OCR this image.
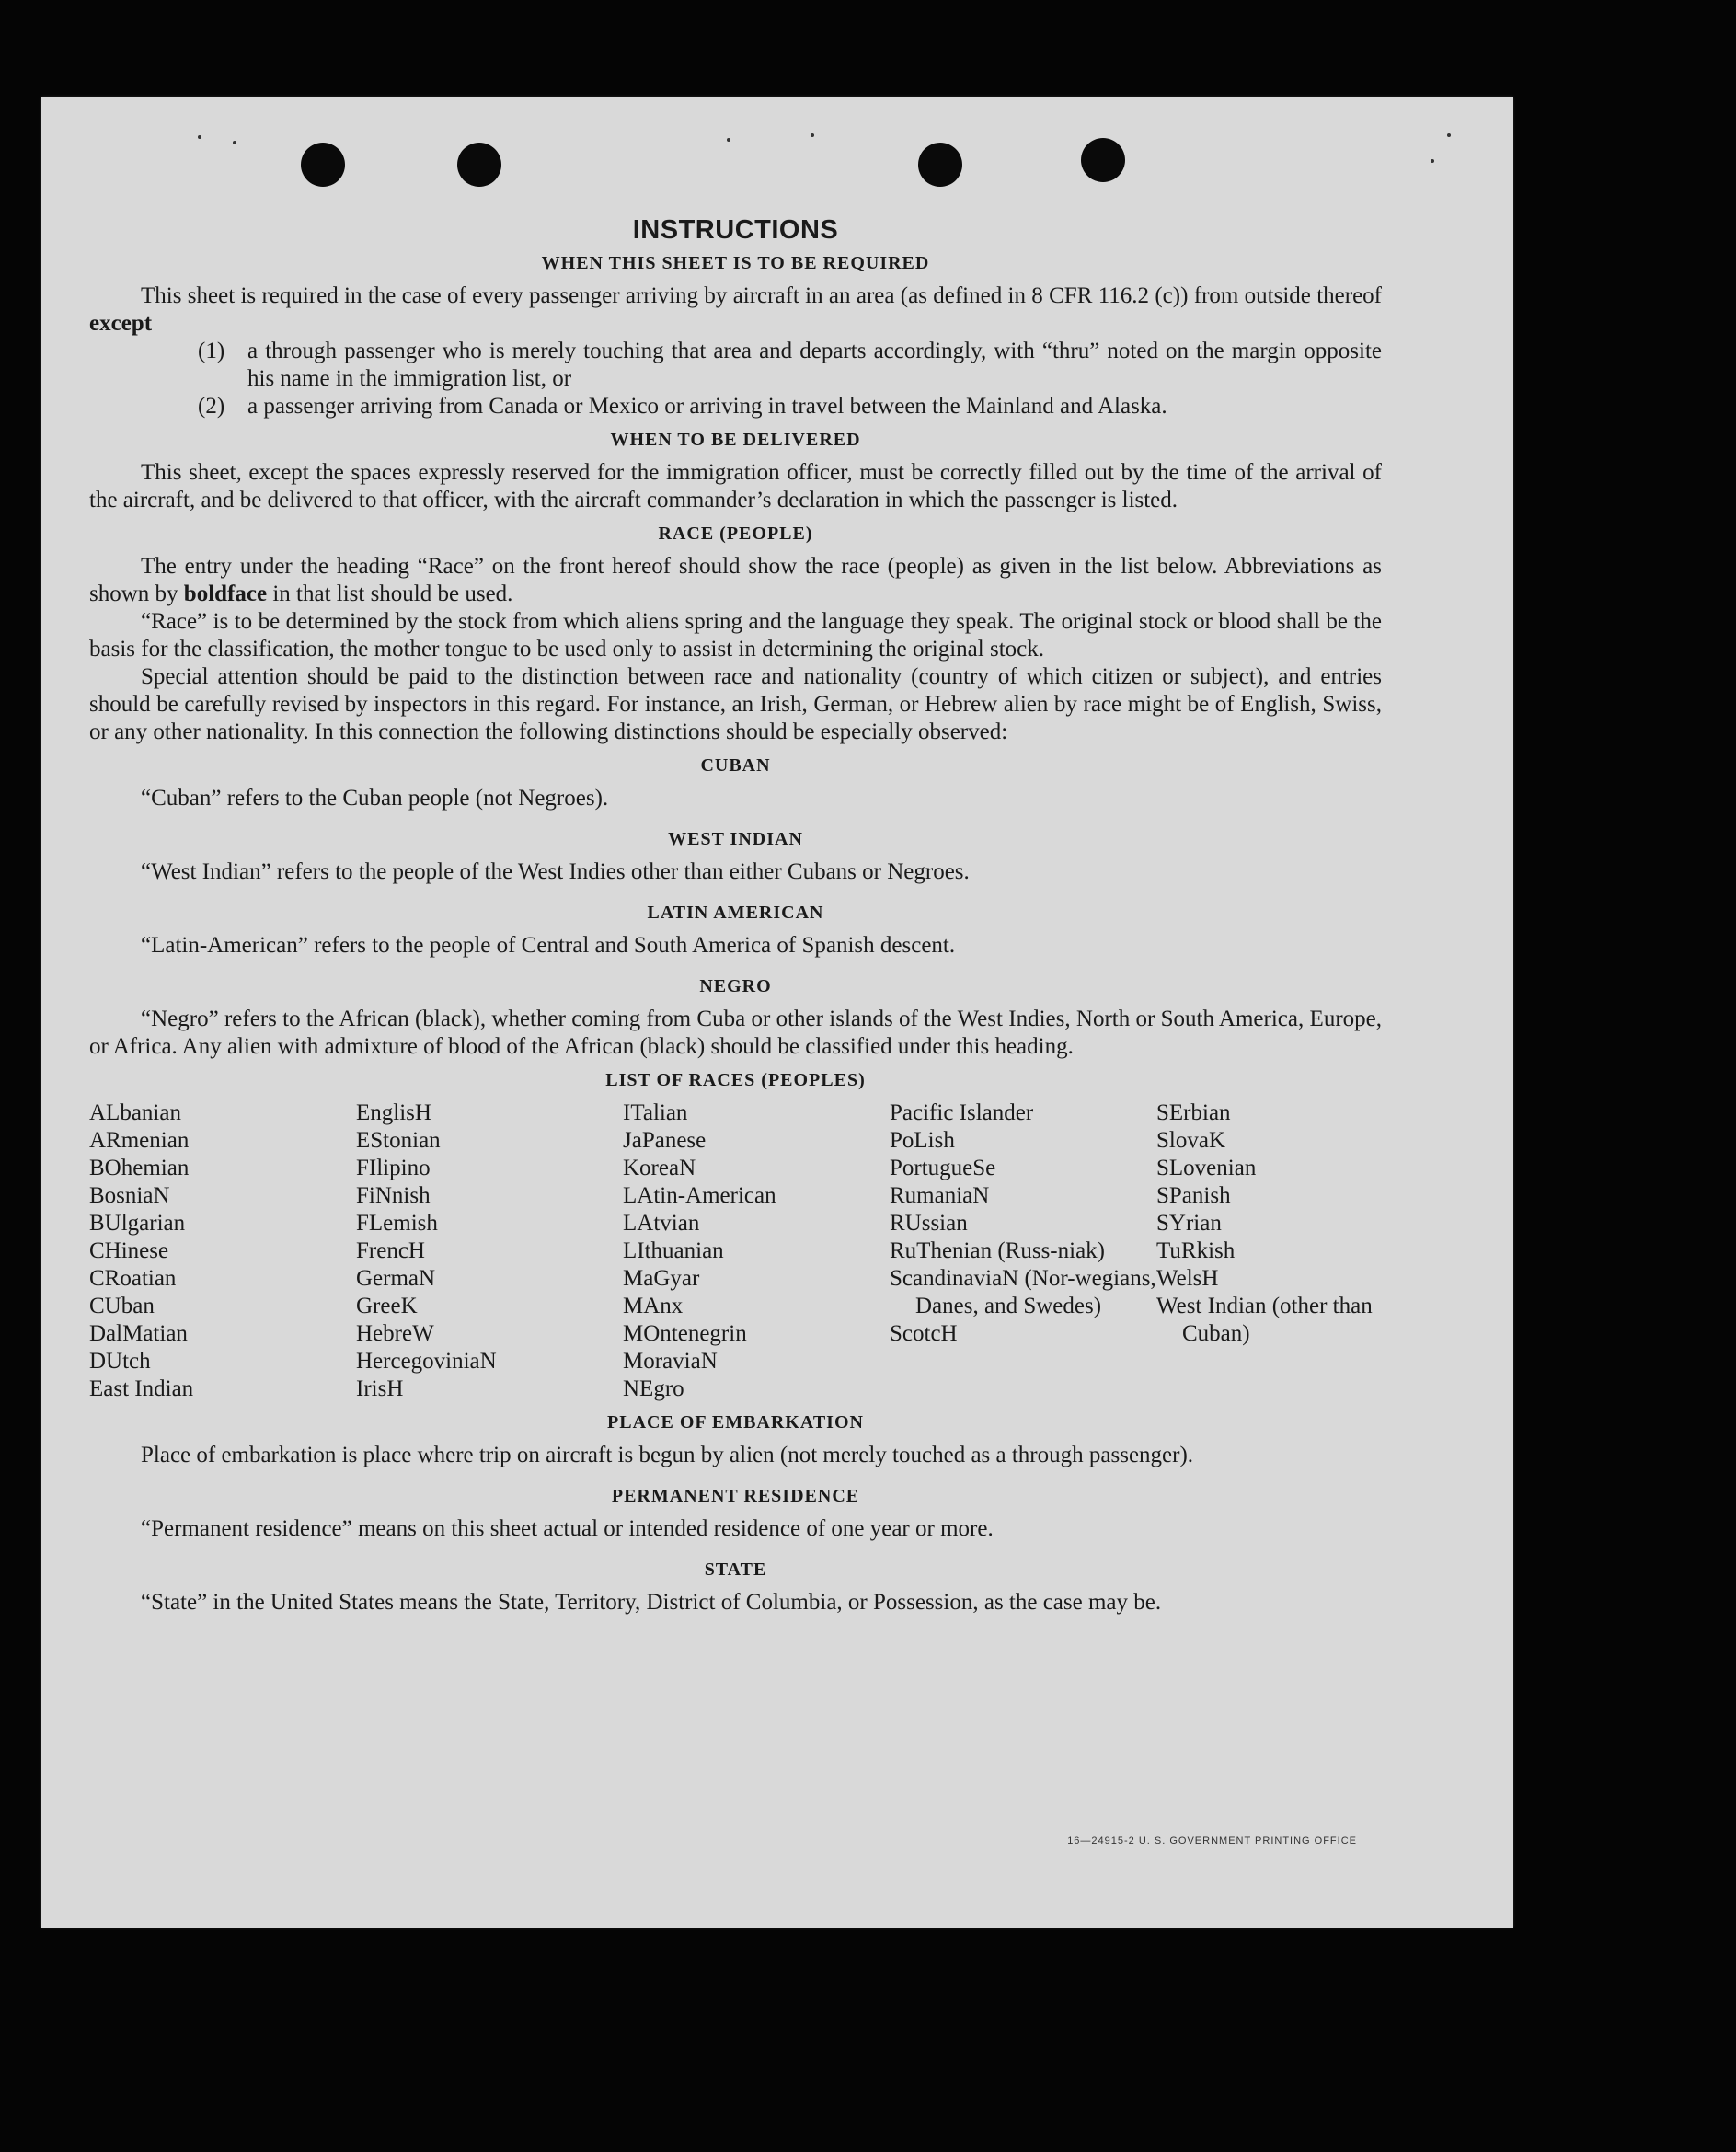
INSTRUCTIONS
WHEN THIS SHEET IS TO BE REQUIRED

This sheet is required in the case of every passenger arriving by aircraft in an area (as defined in 8 CFR 116.2 (c)) from outside thereof except

(1) a through passenger who is merely touching that area and departs accordingly, with “thru” noted on the margin opposite his name in the immigration list, or
(2) a passenger arriving from Canada or Mexico or arriving in travel between the Mainland and Alaska.
WHEN TO BE DELIVERED

This sheet, except the spaces expressly reserved for the immigration officer, must be correctly filled out by the time of the arrival of the aircraft, and be delivered to that officer, with the aircraft commander’s declaration in which the passenger is listed.

RACE (PEOPLE)

The entry under the heading “Race” on the front hereof should show the race (people) as given in the list below. Abbreviations as shown by boldface in that list should be used.

“Race” is to be determined by the stock from which aliens spring and the language they speak. The original stock or blood shall be the basis for the classification, the mother tongue to be used only to assist in determining the original stock.

Special attention should be paid to the distinction between race and nationality (country of which citizen or subject), and entries should be carefully revised by inspectors in this regard. For instance, an Irish, German, or Hebrew alien by race might be of English, Swiss, or any other nationality. In this connection the following distinctions should be especially observed:

CUBAN

“Cuban” refers to the Cuban people (not Negroes).

WEST INDIAN

“West Indian” refers to the people of the West Indies other than either Cubans or Negroes.

LATIN AMERICAN

“Latin-American” refers to the people of Central and South America of Spanish descent.

NEGRO

“Negro” refers to the African (black), whether coming from Cuba or other islands of the West Indies, North or South America, Europe, or Africa. Any alien with admixture of blood of the African (black) should be classified under this heading.

LIST OF RACES (PEOPLES)
ALbanian
ARmenian
BOhemian
BosniaN
BUlgarian
CHinese
CRoatian
CUban
DalMatian
DUtch
East Indian
EnglisH
EStonian
FIlipino
FiNnish
FLemish
FrencH
GermaN
GreeK
HebreW
HercegoviniaN
IrisH
ITalian
JaPanese
KoreaN
LAtin-American
LAtvian
LIthuanian
MaGyar
MAnx
MOntenegrin
MoraviaN
NEgro
Pacific Islander
PoLish
PortugueSe
RumaniaN
RUssian
RuThenian (Russ-niak)
ScandinaviaN (Nor-wegians, Danes, and Swedes)
ScotcH
SErbian
SlovaK
SLovenian
SPanish
SYrian
TuRkish
WelsH
West Indian (other than Cuban)
PLACE OF EMBARKATION

Place of embarkation is place where trip on aircraft is begun by alien (not merely touched as a through passenger).

PERMANENT RESIDENCE

“Permanent residence” means on this sheet actual or intended residence of one year or more.

STATE

“State” in the United States means the State, Territory, District of Columbia, or Possession, as the case may be.

16—24915-2 U. S. GOVERNMENT PRINTING OFFICE
